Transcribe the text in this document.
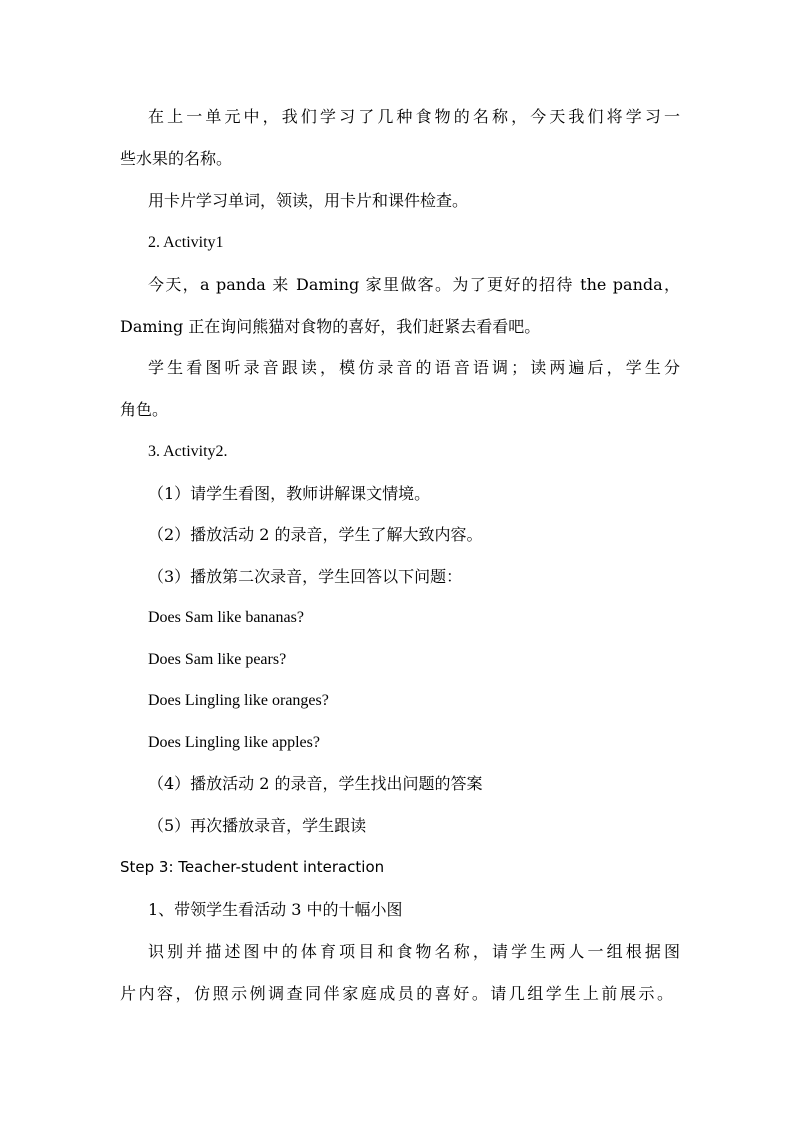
在上一单元中，我们学习了几种食物的名称，今天我们将学习一
些水果的名称。
用卡片学习单词，领读，用卡片和课件检查。
2. Activity1
今天，a panda 来 Daming 家里做客。为了更好的招待 the panda，
Daming 正在询问熊猫对食物的喜好，我们赶紧去看看吧。
学生看图听录音跟读，模仿录音的语音语调；读两遍后，学生分
角色。
3. Activity2.
（1）请学生看图，教师讲解课文情境。
（2）播放活动 2 的录音，学生了解大致内容。
（3）播放第二次录音，学生回答以下问题：
Does Sam like bananas?
Does Sam like pears?
Does Lingling like oranges?
Does Lingling like apples?
（4）播放活动 2 的录音，学生找出问题的答案
（5）再次播放录音，学生跟读
Step 3: Teacher-student interaction
1、带领学生看活动 3 中的十幅小图
识别并描述图中的体育项目和食物名称，请学生两人一组根据图
片内容，仿照示例调查同伴家庭成员的喜好。请几组学生上前展示。
